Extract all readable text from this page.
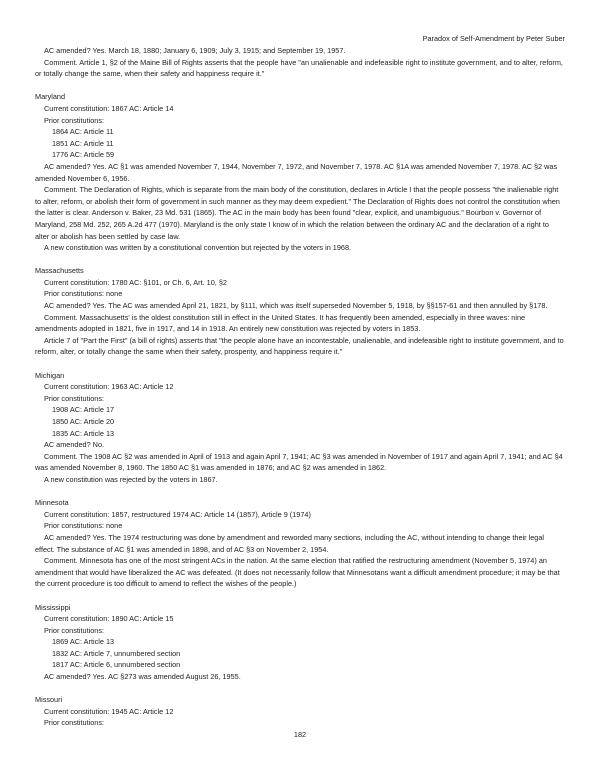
Paradox of Self-Amendment by Peter Suber

AC amended? Yes. March 18, 1880; January 6, 1909; July 3, 1915; and September 19, 1957.

Comment. Article 1, §2 of the Maine Bill of Rights asserts that the people have "an unalienable and indefeasible right to institute government, and to alter, reform, or totally change the same, when their safety and happiness require it."

Maryland

Current constitution: 1867 AC: Article 14

Prior constitutions:

1864 AC: Article 11

1851 AC: Article 11

1776 AC: Article 59

AC amended? Yes. AC §1 was amended November 7, 1944, November 7, 1972, and November 7, 1978. AC §1A was amended November 7, 1978. AC §2 was amended November 6, 1956.

Comment. The Declaration of Rights, which is separate from the main body of the constitution, declares in Article I that the people possess "the inalienable right to alter, reform, or abolish their form of government in such manner as they may deem expedient." The Declaration of Rights does not control the constitution when the latter is clear. Anderson v. Baker, 23 Md. 531 (1865). The AC in the main body has been found "clear, explicit, and unambiguous." Bourbon v. Governor of Maryland, 258 Md. 252, 265 A.2d 477 (1970). Maryland is the only state I know of in which the relation between the ordinary AC and the declaration of a right to alter or abolish has been settled by case law.

A new constitution was written by a constitutional convention but rejected by the voters in 1968.

Massachusetts

Current constitution: 1780 AC: §101, or Ch. 6, Art. 10, §2

Prior constitutions: none

AC amended? Yes. The AC was amended April 21, 1821, by §111, which was itself superseded November 5, 1918, by §§157-61 and then annulled by §178.

Comment. Massachusetts' is the oldest constitution still in effect in the United States. It has frequently been amended, especially in three waves: nine amendments adopted in 1821, five in 1917, and 14 in 1918. An entirely new constitution was rejected by voters in 1853.

Article 7 of "Part the First" (a bill of rights) asserts that "the people alone have an incontestable, unalienable, and indefeasible right to institute government, and to reform, alter, or totally change the same when their safety, prosperity, and happiness require it."

Michigan

Current constitution: 1963 AC: Article 12

Prior constitutions:

1908 AC: Article 17

1850 AC: Article 20

1835 AC: Article 13

AC amended? No.

Comment. The 1908 AC §2 was amended in April of 1913 and again April 7, 1941; AC §3 was amended in November of 1917 and again April 7, 1941; and AC §4 was amended November 8, 1960. The 1850 AC §1 was amended in 1876; and AC §2 was amended in 1862.

A new constitution was rejected by the voters in 1867.

Minnesota

Current constitution: 1857, restructured 1974 AC: Article 14 (1857), Article 9 (1974)

Prior constitutions: none

AC amended? Yes. The 1974 restructuring was done by amendment and reworded many sections, including the AC, without intending to change their legal effect. The substance of AC §1 was amended in 1898, and of AC §3 on November 2, 1954.

Comment. Minnesota has one of the most stringent ACs in the nation. At the same election that ratified the restructuring amendment (November 5, 1974) an amendment that would have liberalized the AC was defeated. (It does not necessarily follow that Minnesotans want a difficult amendment procedure; it may be that the current procedure is too difficult to amend to reflect the wishes of the people.)

Mississippi

Current constitution: 1890 AC: Article 15

Prior constitutions:

1869 AC: Article 13

1832 AC: Article 7, unnumbered section

1817 AC: Article 6, unnumbered section

AC amended? Yes. AC §273 was amended August 26, 1955.

Missouri

Current constitution: 1945 AC: Article 12

Prior constitutions:

182
